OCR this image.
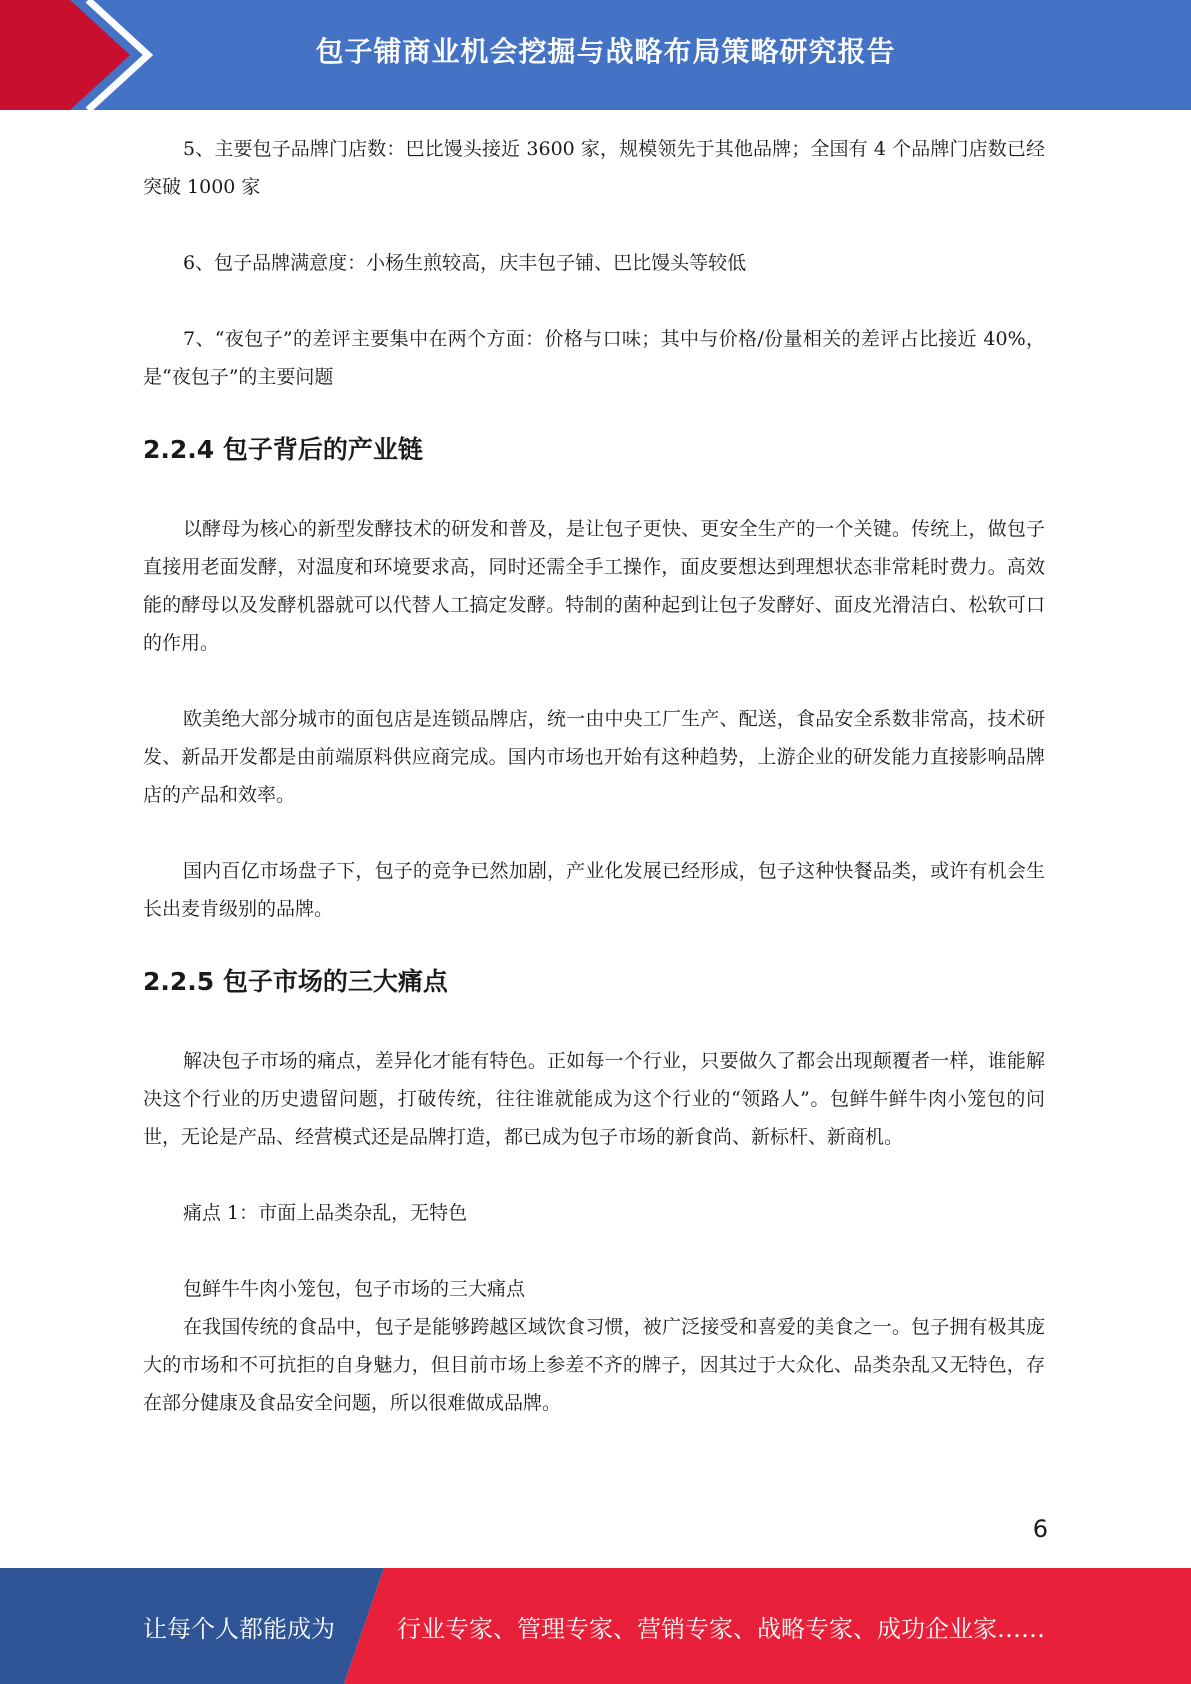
包子铺商业机会挖掘与战略布局策略研究报告

5、主要包子品牌门店数：巴比馒头接近 3600 家，规模领先于其他品牌；全国有 4 个品牌门店数已经突破 1000 家

6、包子品牌满意度：小杨生煎较高，庆丰包子铺、巴比馒头等较低

7、“夜包子”的差评主要集中在两个方面：价格与口味；其中与价格/份量相关的差评占比接近 40%，是“夜包子”的主要问题

2.2.4 包子背后的产业链

以酵母为核心的新型发酵技术的研发和普及，是让包子更快、更安全生产的一个关键。传统上，做包子直接用老面发酵，对温度和环境要求高，同时还需全手工操作，面皮要想达到理想状态非常耗时费力。高效能的酵母以及发酵机器就可以代替人工搞定发酵。特制的菌种起到让包子发酵好、面皮光滑洁白、松软可口的作用。

欧美绝大部分城市的面包店是连锁品牌店，统一由中央工厂生产、配送，食品安全系数非常高，技术研发、新品开发都是由前端原料供应商完成。国内市场也开始有这种趋势，上游企业的研发能力直接影响品牌店的产品和效率。

国内百亿市场盘子下，包子的竞争已然加剧，产业化发展已经形成，包子这种快餐品类，或许有机会生长出麦肯级别的品牌。

2.2.5 包子市场的三大痛点

解决包子市场的痛点，差异化才能有特色。正如每一个行业，只要做久了都会出现颠覆者一样，谁能解决这个行业的历史遗留问题，打破传统，往往谁就能成为这个行业的“领路人”。包鲜牛鲜牛肉小笼包的问世，无论是产品、经营模式还是品牌打造，都已成为包子市场的新食尚、新标杆、新商机。

痛点 1：市面上品类杂乱，无特色

包鲜牛牛肉小笼包，包子市场的三大痛点

在我国传统的食品中，包子是能够跨越区域饮食习惯，被广泛接受和喜爱的美食之一。包子拥有极其庞大的市场和不可抗拒的自身魅力，但目前市场上参差不齐的牌子，因其过于大众化、品类杂乱又无特色，存在部分健康及食品安全问题，所以很难做成品牌。

6
让每个人都能成为	行业专家、管理专家、营销专家、战略专家、成功企业家……
